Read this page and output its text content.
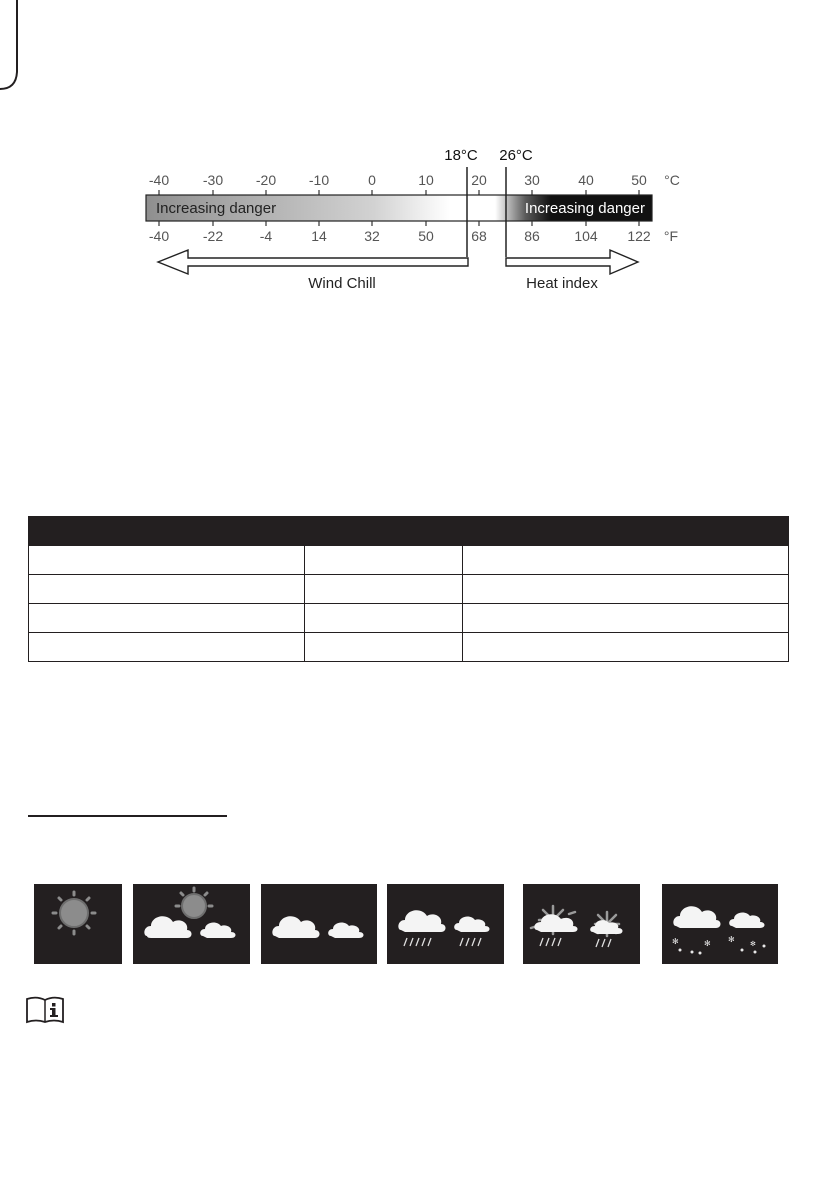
18°C 26°C
-40 -30 -20 -10	0	10	20	30	40	50 °C
Increasing danger	Increasing danger
-40 -22	-4	14	32	50	68	86 104 122 °F
Wind Chill	Heat index

✻	✻ ✻
✻
